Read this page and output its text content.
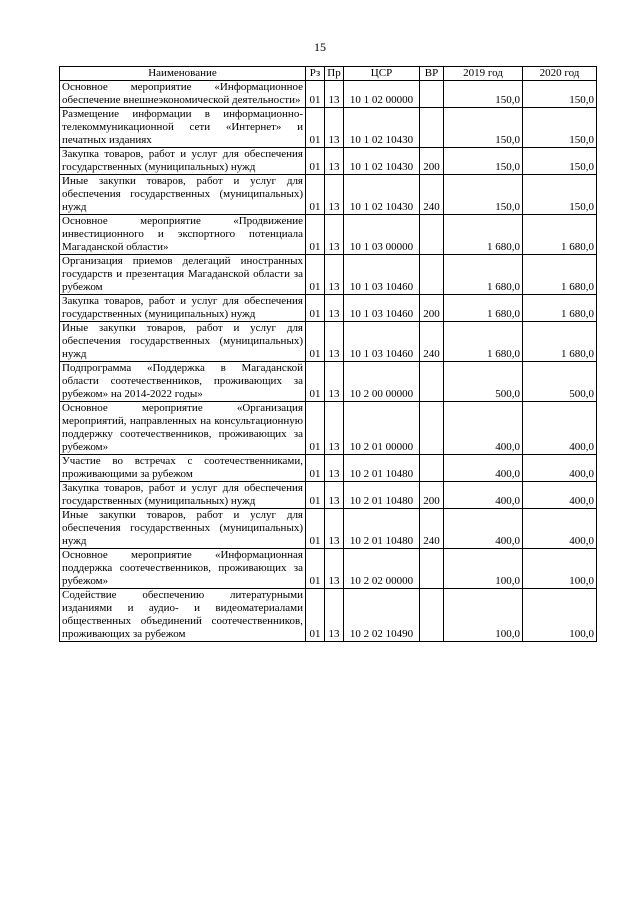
15
Наименование	Рз	Пр	ЦСР	ВР	2019 год	2020 год
Основное мероприятие «Информационное обеспечение внешнеэкономической деятельности»	01	13	10 1 02 00000		150,0	150,0
Размещение информации в информационно-телекоммуникационной сети «Интернет» и печатных изданиях	01	13	10 1 02 10430		150,0	150,0
Закупка товаров, работ и услуг для обеспечения государственных (муниципальных) нужд	01	13	10 1 02 10430	200	150,0	150,0
Иные закупки товаров, работ и услуг для обеспечения государственных (муниципальных) нужд	01	13	10 1 02 10430	240	150,0	150,0
Основное мероприятие «Продвижение инвестиционного и экспортного потенциала Магаданской области»	01	13	10 1 03 00000		1 680,0	1 680,0
Организация приемов делегаций иностранных государств и презентация Магаданской области за рубежом	01	13	10 1 03 10460		1 680,0	1 680,0
Закупка товаров, работ и услуг для обеспечения государственных (муниципальных) нужд	01	13	10 1 03 10460	200	1 680,0	1 680,0
Иные закупки товаров, работ и услуг для обеспечения государственных (муниципальных) нужд	01	13	10 1 03 10460	240	1 680,0	1 680,0
Подпрограмма «Поддержка в Магаданской области соотечественников, проживающих за рубежом» на 2014-2022 годы»	01	13	10 2 00 00000		500,0	500,0
Основное мероприятие «Организация мероприятий, направленных на консультационную поддержку соотечественников, проживающих за рубежом»	01	13	10 2 01 00000		400,0	400,0
Участие во встречах с соотечественниками, проживающими за рубежом	01	13	10 2 01 10480		400,0	400,0
Закупка товаров, работ и услуг для обеспечения государственных (муниципальных) нужд	01	13	10 2 01 10480	200	400,0	400,0
Иные закупки товаров, работ и услуг для обеспечения государственных (муниципальных) нужд	01	13	10 2 01 10480	240	400,0	400,0
Основное мероприятие «Информационная поддержка соотечественников, проживающих за рубежом»	01	13	10 2 02 00000		100,0	100,0
Содействие обеспечению литературными изданиями и аудио- и видеоматериалами общественных объединений соотечественников, проживающих за рубежом	01	13	10 2 02 10490		100,0	100,0
